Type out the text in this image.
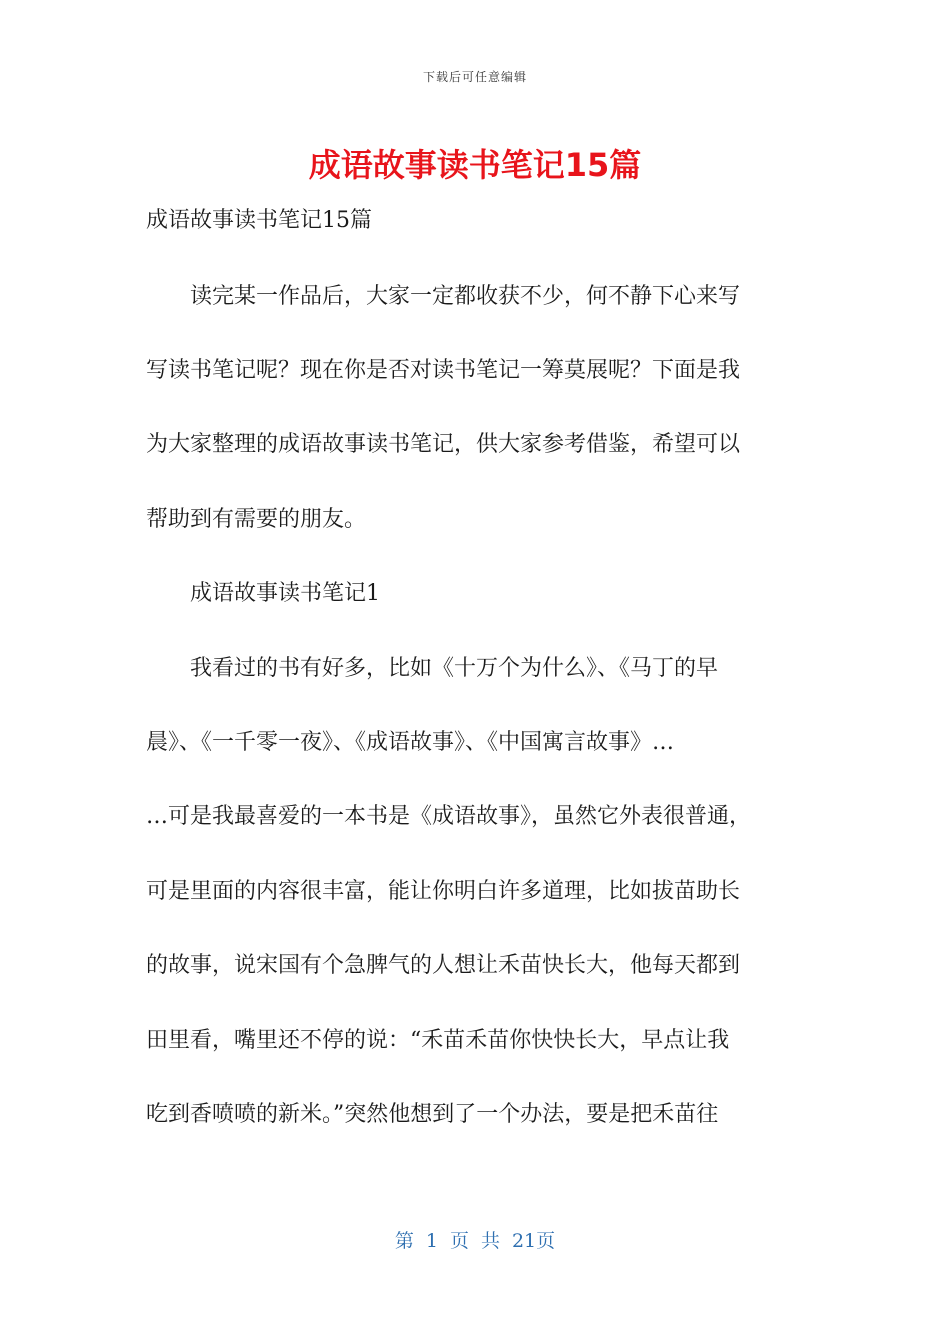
下载后可任意编辑
成语故事读书笔记15篇
成语故事读书笔记15篇
　　读完某一作品后，大家一定都收获不少，何不静下心来写
写读书笔记呢？现在你是否对读书笔记一筹莫展呢？下面是我
为大家整理的成语故事读书笔记，供大家参考借鉴，希望可以
帮助到有需要的朋友。
　　成语故事读书笔记1
　　我看过的书有好多，比如《十万个为什么》、《马丁的早
晨》、《一千零一夜》、《成语故事》、《中国寓言故事》…
…可是我最喜爱的一本书是《成语故事》，虽然它外表很普通，
可是里面的内容很丰富，能让你明白许多道理，比如拔苗助长
的故事，说宋国有个急脾气的人想让禾苗快长大，他每天都到
田里看，嘴里还不停的说：“禾苗禾苗你快快长大，早点让我
吃到香喷喷的新米。”突然他想到了一个办法，要是把禾苗往
第 1 页 共 21页
